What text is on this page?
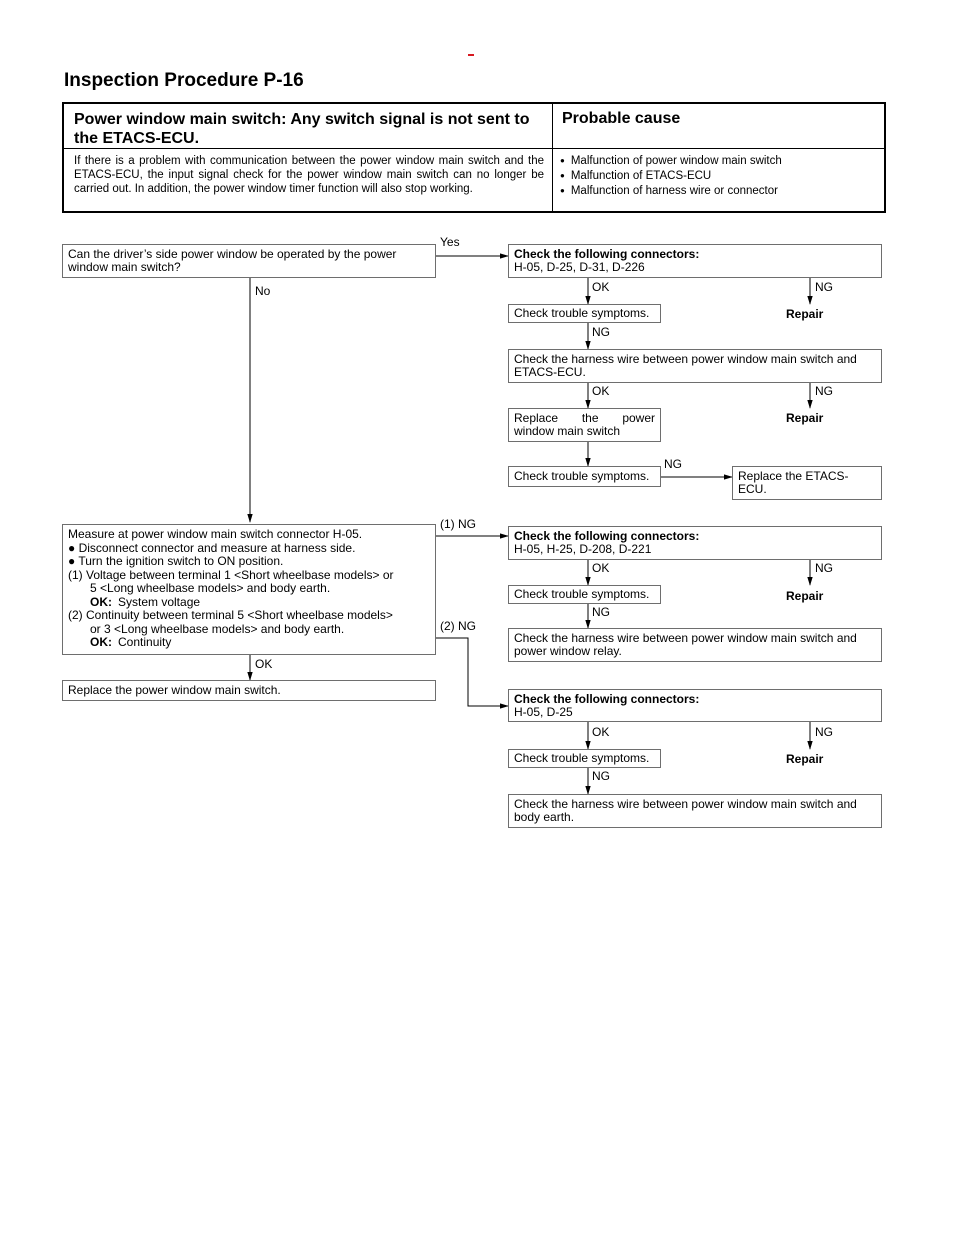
Inspection Procedure P-16
Power window main switch: Any switch signal is not sent to the ETACS-ECU.
Probable cause
If there is a problem with communication between the power window main switch and the ETACS-ECU, the input signal check for the power window main switch can no longer be carried out. In addition, the power window timer function will also stop working.
● Malfunction of power window main switch
● Malfunction of ETACS-ECU
● Malfunction of harness wire or connector
Can the driver’s side power window be operated by the power window main switch?
Yes
No
Check the following connectors:
H-05, D-25, D-31, D-226
OK	NG
Check trouble symptoms.	Repair
NG
Check the harness wire between power window main switch and ETACS-ECU.
OK	NG
Replace the power window main switch
Repair
Check trouble symptoms.
NG
Replace the ETACS-ECU.
Measure at power window main switch connector H-05.
● Disconnect connector and measure at harness side.
● Turn the ignition switch to ON position.
(1) Voltage between terminal 1 <Short wheelbase models> or
5 <Long wheelbase models> and body earth.
OK: System voltage
(2) Continuity between terminal 5 <Short wheelbase models>
or 3 <Long wheelbase models> and body earth.
OK: Continuity
(1) NG
(2) NG
OK
Replace the power window main switch.
Check the following connectors:
H-05, H-25, D-208, D-221
OK	NG
Check trouble symptoms.	Repair
NG
Check the harness wire between power window main switch and power window relay.
Check the following connectors:
H-05, D-25
OK	NG
Check trouble symptoms.	Repair
NG
Check the harness wire between power window main switch and body earth.
